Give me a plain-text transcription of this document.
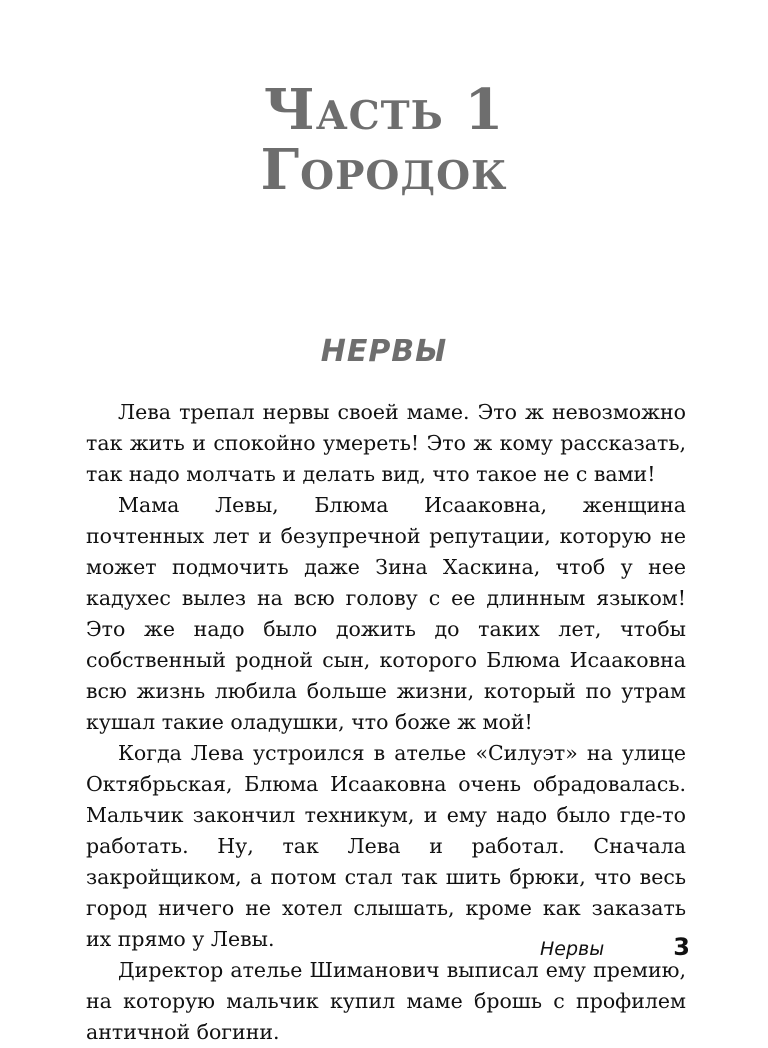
Часть 1
Городок
НЕРВЫ

Лева трепал нервы своей маме. Это ж невозможно так жить и спокойно умереть! Это ж кому рассказать, так надо молчать и делать вид, что такое не с вами!

Мама Левы, Блюма Исааковна, женщина почтенных лет и безупречной репутации, которую не может подмочить даже Зина Хаскина, чтоб у нее кадухес вылез на всю голову с ее длинным языком! Это же надо было дожить до таких лет, чтобы собственный родной сын, которого Блюма Исааковна всю жизнь любила больше жизни, который по утрам кушал такие оладушки, что боже ж мой!

Когда Лева устроился в ателье «Силуэт» на улице Октябрьская, Блюма Исааковна очень обрадовалась. Мальчик закончил техникум, и ему надо было где-то работать. Ну, так Лева и работал. Сначала закройщиком, а потом стал так шить брюки, что весь город ничего не хотел слышать, кроме как заказать их прямо у Левы.

Директор ателье Шиманович выписал ему премию, на которую мальчик купил маме брошь с профилем античной богини.

Нервы	3
